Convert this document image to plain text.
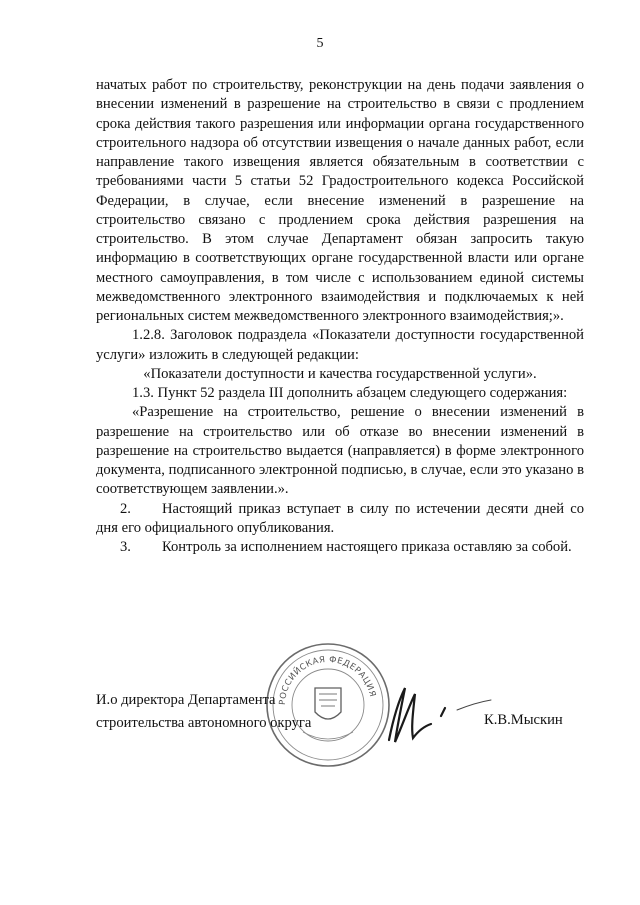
5

начатых работ по строительству, реконструкции на день подачи заявления о внесении изменений в разрешение на строительство в связи с продлением срока действия такого разрешения или информации органа государственного строительного надзора об отсутствии извещения о начале данных работ, если направление такого извещения является обязательным в соответствии с требованиями части 5 статьи 52 Градостроительного кодекса Российской Федерации, в случае, если внесение изменений в разрешение на строительство связано с продлением срока действия разрешения на строительство. В этом случае Департамент обязан запросить такую информацию в соответствующих органе государственной власти или органе местного самоуправления, в том числе с использованием единой системы межведомственного электронного взаимодействия и подключаемых к ней региональных систем межведомственного электронного взаимодействия;».

1.2.8. Заголовок подраздела «Показатели доступности государственной услуги» изложить в следующей редакции:

«Показатели доступности и качества государственной услуги».

1.3. Пункт 52 раздела III дополнить абзацем следующего содержания:

«Разрешение на строительство, решение о внесении изменений в разрешение на строительство или об отказе во внесении изменений в разрешение на строительство выдается (направляется) в форме электронного документа, подписанного электронной подписью, в случае, если это указано в соответствующем заявлении.».

2. Настоящий приказ вступает в силу по истечении десяти дней со дня его официального опубликования.

3. Контроль за исполнением настоящего приказа оставляю за собой.

РОССИЙСКАЯ ФЕДЕРАЦИЯ
И.о директора Департамента
строительства автономного округа	К.В.Мыскин
